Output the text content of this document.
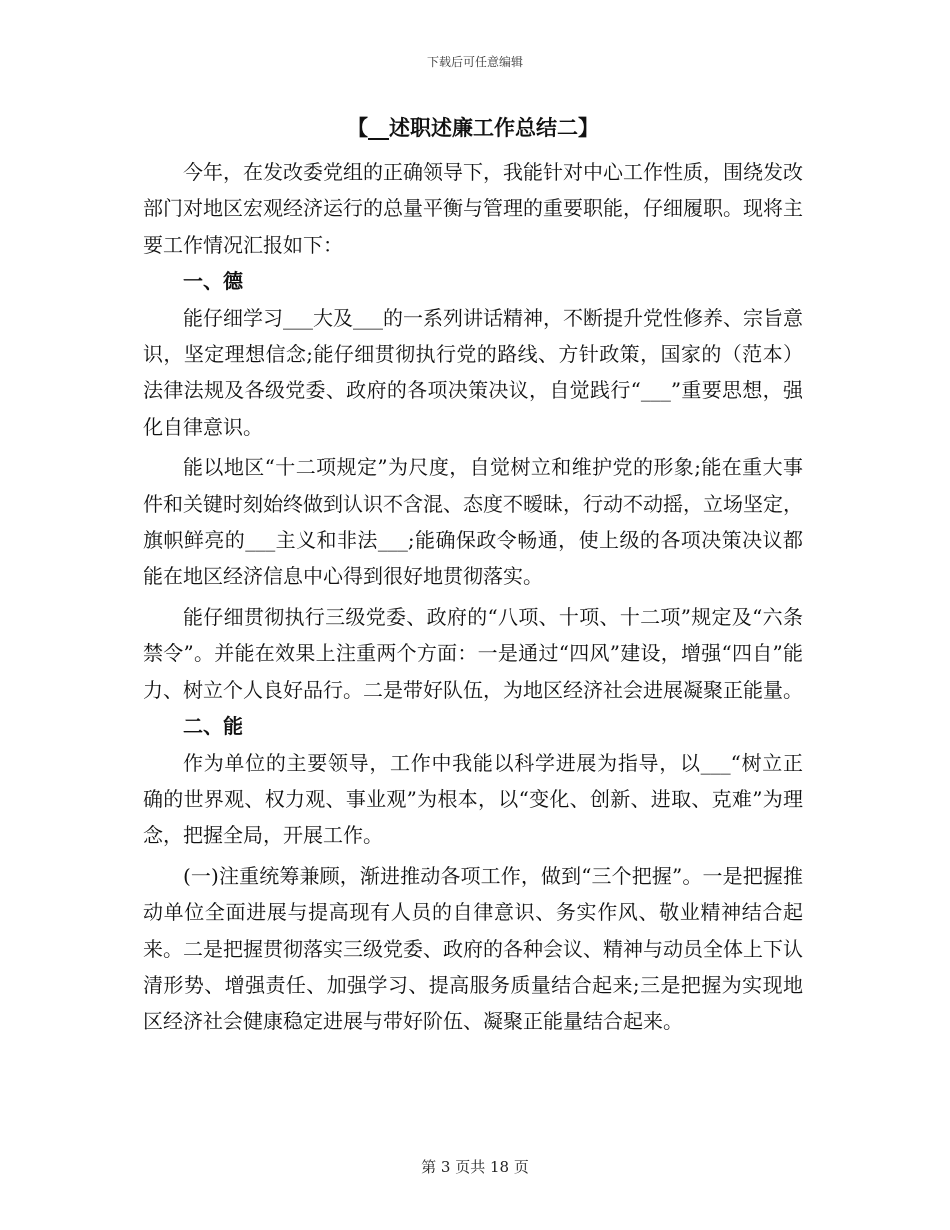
下载后可任意编辑
【__述职述廉工作总结二】

今年，在发改委党组的正确领导下，我能针对中心工作性质，围绕发改部门对地区宏观经济运行的总量平衡与管理的重要职能，仔细履职。现将主要工作情况汇报如下：

一、德

能仔细学习___大及___的一系列讲话精神，不断提升党性修养、宗旨意识，坚定理想信念;能仔细贯彻执行党的路线、方针政策，国家的（范本）法律法规及各级党委、政府的各项决策决议，自觉践行“___”重要思想，强化自律意识。

能以地区“十二项规定”为尺度，自觉树立和维护党的形象;能在重大事件和关键时刻始终做到认识不含混、态度不暧昧，行动不动摇，立场坚定，旗帜鲜亮的___主义和非法___;能确保政令畅通，使上级的各项决策决议都能在地区经济信息中心得到很好地贯彻落实。

能仔细贯彻执行三级党委、政府的“八项、十项、十二项”规定及“六条禁令”。并能在效果上注重两个方面：一是通过“四风”建设，增强“四自”能力、树立个人良好品行。二是带好队伍，为地区经济社会进展凝聚正能量。

二、能

作为单位的主要领导，工作中我能以科学进展为指导，以___“树立正确的世界观、权力观、事业观”为根本，以“变化、创新、进取、克难”为理念，把握全局，开展工作。

(一)注重统筹兼顾，渐进推动各项工作，做到“三个把握”。一是把握推动单位全面进展与提高现有人员的自律意识、务实作风、敬业精神结合起来。二是把握贯彻落实三级党委、政府的各种会议、精神与动员全体上下认清形势、增强责任、加强学习、提高服务质量结合起来;三是把握为实现地区经济社会健康稳定进展与带好阶伍、凝聚正能量结合起来。

第 3 页共 18 页
